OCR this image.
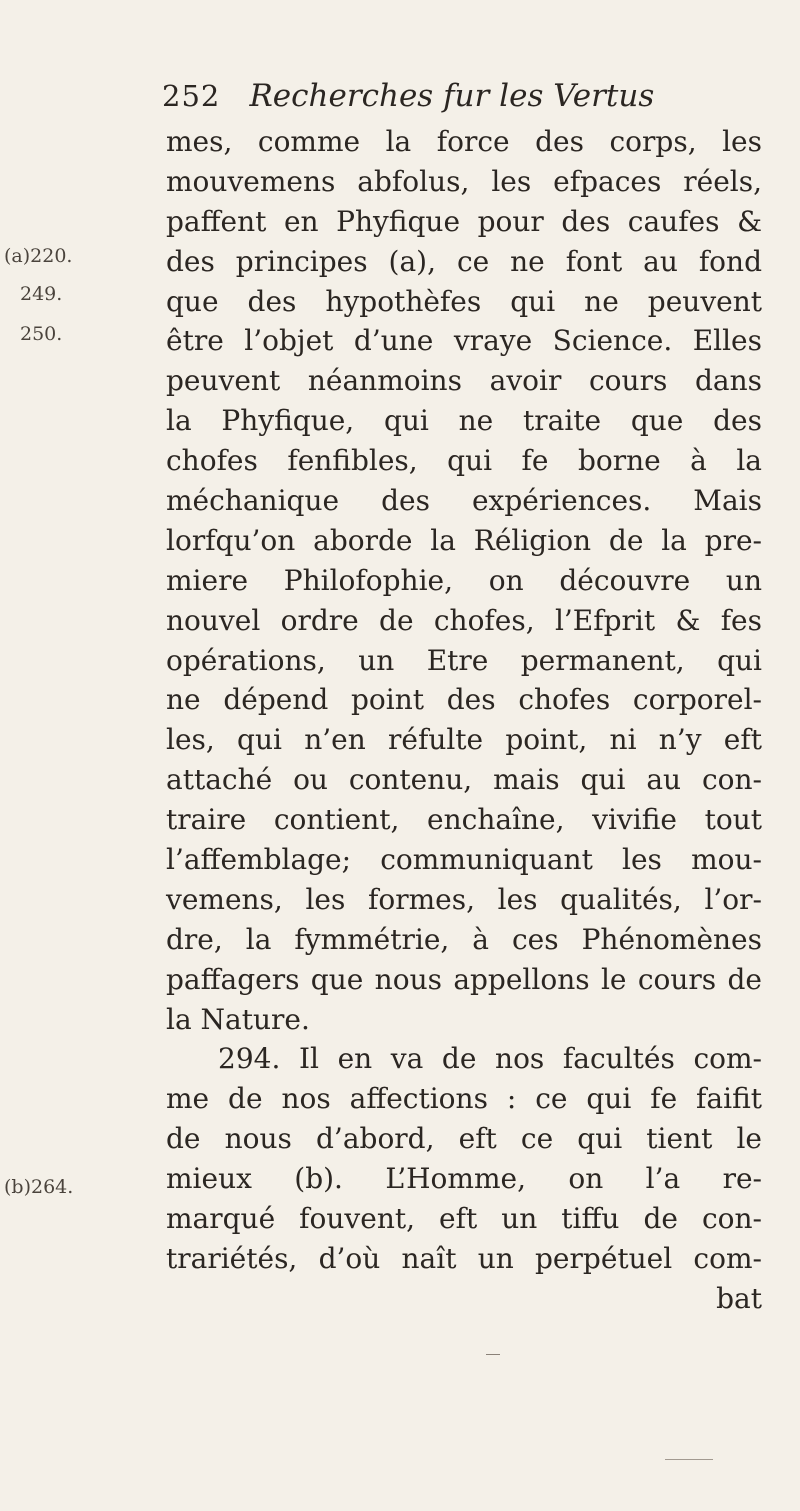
252 Recherches fur les Vertus
(a)220.
249.
250.
(b)264.
mes, comme la force des corps, les
mouvemens abfolus, les efpaces réels,
paffent en Phyfique pour des caufes &
des principes (a), ce ne font au fond
que des hypothèfes qui ne peuvent
être l’objet d’une vraye Science. Elles
peuvent néanmoins avoir cours dans
la Phyfique, qui ne traite que des
chofes fenfibles, qui fe borne à la
méchanique des expériences. Mais
lorfqu’on aborde la Réligion de la pre-
miere Philofophie, on découvre un
nouvel ordre de chofes, l’Efprit & fes
opérations, un Etre permanent, qui
ne dépend point des chofes corporel-
les, qui n’en réfulte point, ni n’y eft
attaché ou contenu, mais qui au con-
traire contient, enchaîne, vivifie tout
l’affemblage; communiquant les mou-
vemens, les formes, les qualités, l’or-
dre, la fymmétrie, à ces Phénomènes
paffagers que nous appellons le cours de
la Nature.
294. Il en va de nos facultés com-
me de nos affections : ce qui fe faifit
de nous d’abord, eft ce qui tient le
mieux (b). L’Homme, on l’a re-
marqué fouvent, eft un tiffu de con-
trariétés, d’où naît un perpétuel com-
bat
